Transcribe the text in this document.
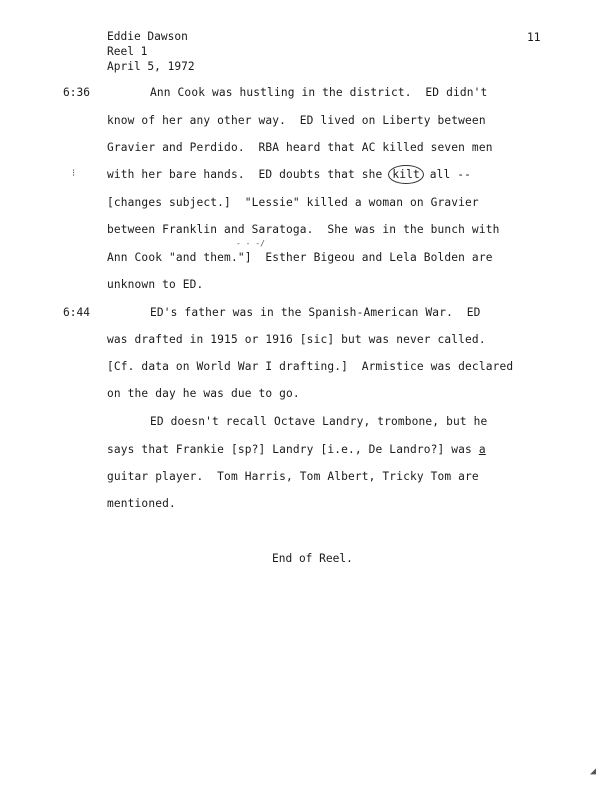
Eddie Dawson
Reel 1
April 5, 1972
11
6:36
6:44
⁝
- - -/
◢
Ann Cook was hustling in the district.  ED didn't
know of her any other way.  ED lived on Liberty between
Gravier and Perdido.  RBA heard that AC killed seven men
with her bare hands.  ED doubts that she kilt all --
[changes subject.]  "Lessie" killed a woman on Gravier
between Franklin and Saratoga.  She was in the bunch with
Ann Cook "and them."]  Esther Bigeou and Lela Bolden are
unknown to ED.
ED's father was in the Spanish-American War.  ED
was drafted in 1915 or 1916 [sic] but was never called.
[Cf. data on World War I drafting.]  Armistice was declared
on the day he was due to go.
ED doesn't recall Octave Landry, trombone, but he
says that Frankie [sp?] Landry [i.e., De Landro?] was a
guitar player.  Tom Harris, Tom Albert, Tricky Tom are
mentioned.
End of Reel.
